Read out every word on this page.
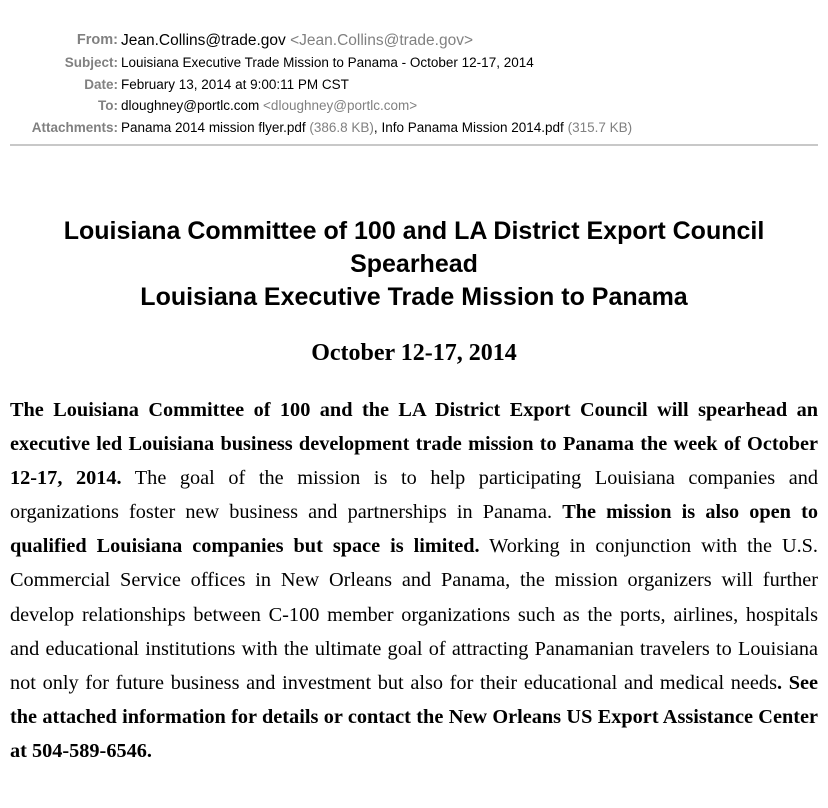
From: Jean.Collins@trade.gov <Jean.Collins@trade.gov>
Subject: Louisiana Executive Trade Mission to Panama - October 12-17, 2014
Date: February 13, 2014 at 9:00:11 PM CST
To: dloughney@portlc.com <dloughney@portlc.com>
Attachments: Panama 2014 mission flyer.pdf (386.8 KB), Info Panama Mission 2014.pdf (315.7 KB)
Louisiana Committee of 100 and LA District Export Council
Spearhead
Louisiana Executive Trade Mission to Panama
October 12-17, 2014
The Louisiana Committee of 100 and the LA District Export Council will spearhead an executive led Louisiana business development trade mission to Panama the week of October 12-17, 2014. The goal of the mission is to help participating Louisiana companies and organizations foster new business and partnerships in Panama. The mission is also open to qualified Louisiana companies but space is limited. Working in conjunction with the U.S. Commercial Service offices in New Orleans and Panama, the mission organizers will further develop relationships between C-100 member organizations such as the ports, airlines, hospitals and educational institutions with the ultimate goal of attracting Panamanian travelers to Louisiana not only for future business and investment but also for their educational and medical needs. See the attached information for details or contact the New Orleans US Export Assistance Center at 504-589-6546.
